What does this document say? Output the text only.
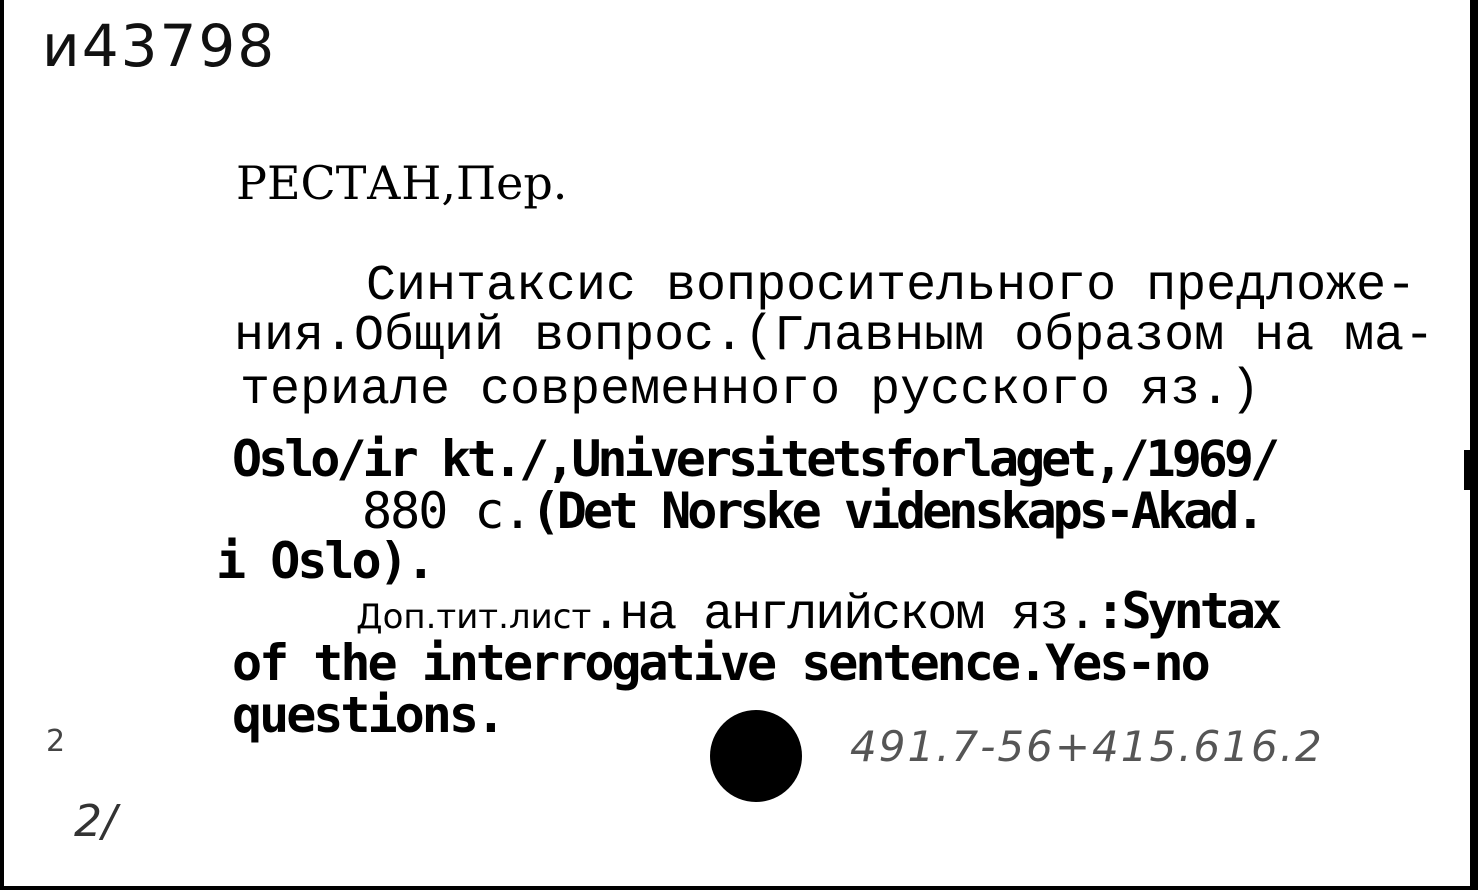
и43798
РЕСТАН,Пер.
Синтаксис вопросительного предложе-
ния.Общий вопрос.(Главным образом на ма-
териале современного русского яз.)
Oslo/ir kt./,Universitetsforlaget,/1969/
880 с.(Det Norske videnskaps-Akad.
i Oslo).
Доп.тит.лист.на английском яз.:Syntax
of the interrogative sentence.Yes-no
questions.
491.7-56+415.616.2
2
2/
